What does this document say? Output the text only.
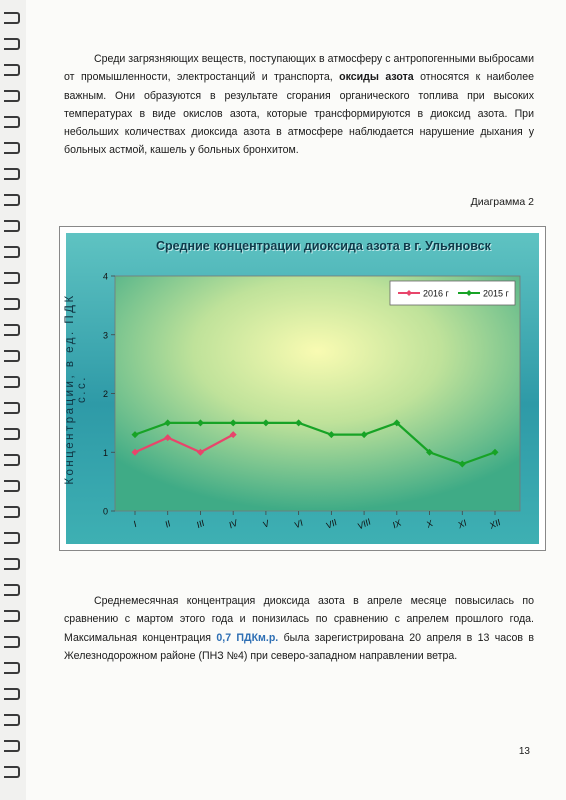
Среди загрязняющих веществ, поступающих в атмосферу с антропогенными выбросами от промышленности, электростанций и транспорта, оксиды азота относятся к наиболее важным. Они образуются в результате сгорания органического топлива при высоких температурах в виде окислов азота, которые трансформируются в диоксид азота. При небольших количествах диоксида азота в атмосфере наблюдается нарушение дыхания у больных астмой, кашель у больных бронхитом.
Диаграмма 2
Средние концентрации диоксида азота в г. Ульяновск
Концентрации, в ед. ПДК с.с.
0
1
2
3
4
I	II	III IV V VI VII VIII IX X XI XII
2016 г	2015 г
Среднемесячная концентрация диоксида азота в апреле месяце повысилась по сравнению с мартом этого года и понизилась по сравнению с апрелем прошлого года. Максимальная концентрация 0,7 ПДКм.р. была зарегистрирована 20 апреля в 13 часов в Железнодорожном районе (ПНЗ №4) при северо-западном направлении ветра.
13
